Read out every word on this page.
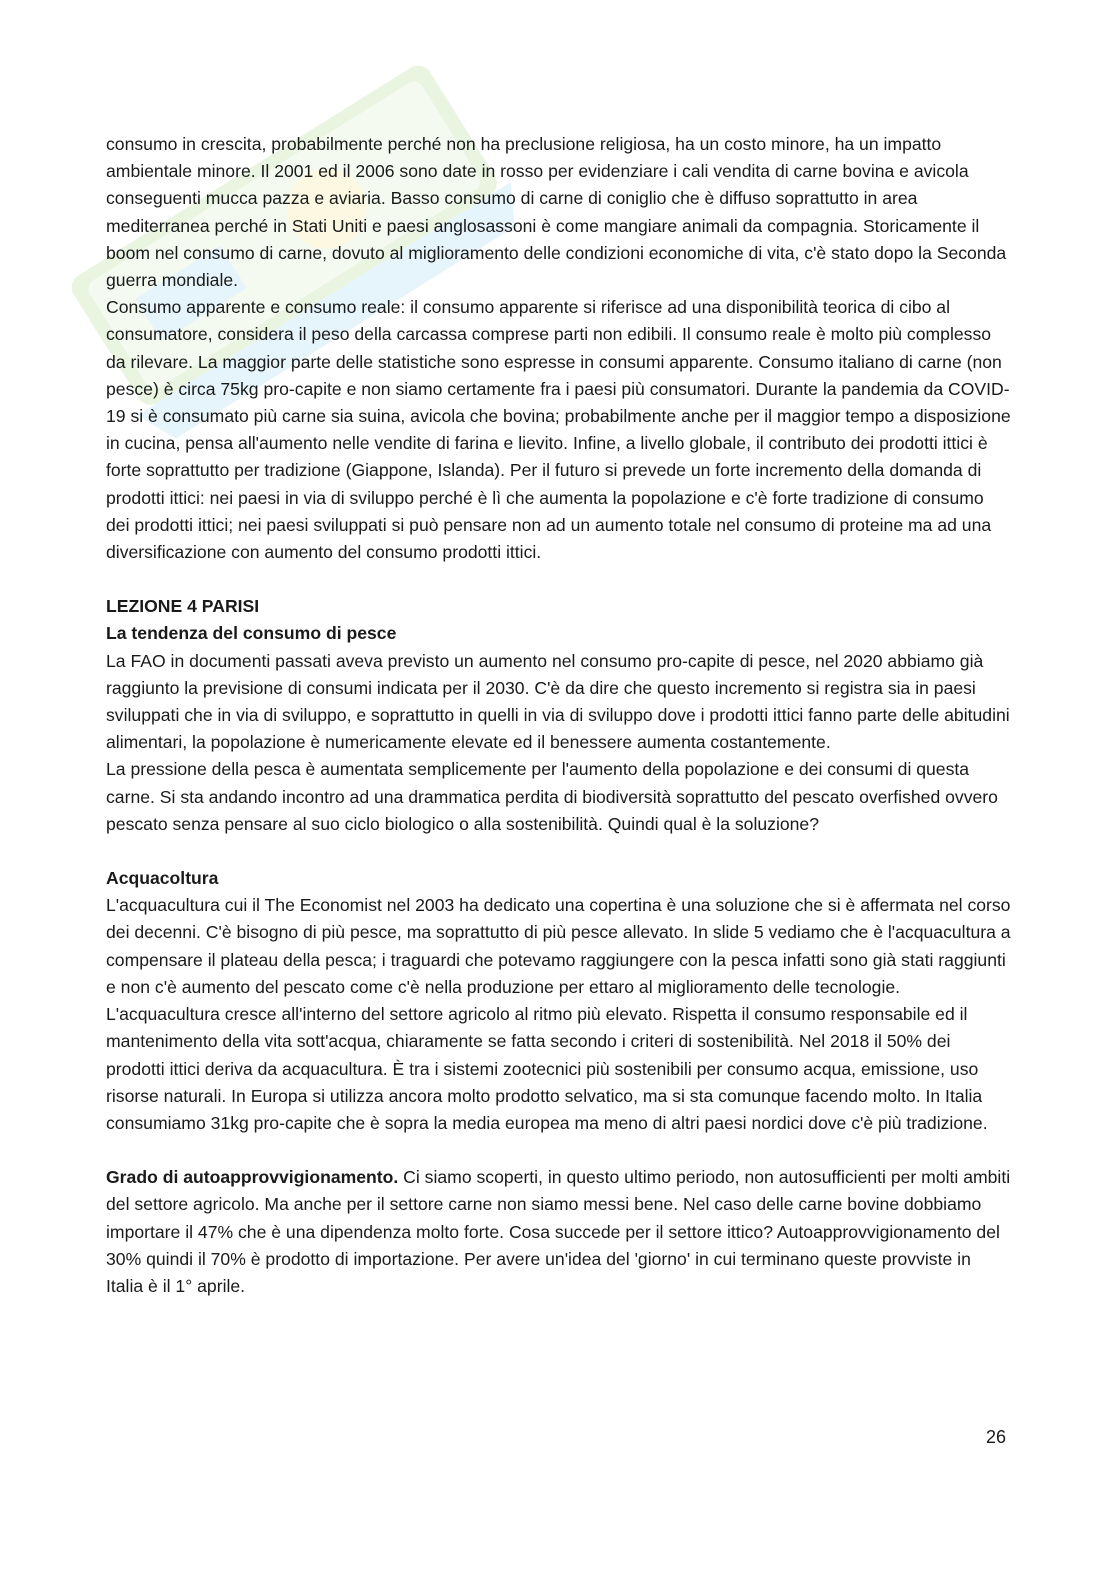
consumo in crescita, probabilmente perché non ha preclusione religiosa, ha un costo minore, ha un impatto ambientale minore. Il 2001 ed il 2006 sono date in rosso per evidenziare i cali vendita di carne bovina e avicola conseguenti mucca pazza e aviaria. Basso consumo di carne di coniglio che è diffuso soprattutto in area mediterranea perché in Stati Uniti e paesi anglosassoni è come mangiare animali da compagnia. Storicamente il boom nel consumo di carne, dovuto al miglioramento delle condizioni economiche di vita, c'è stato dopo la Seconda guerra mondiale.

Consumo apparente e consumo reale: il consumo apparente si riferisce ad una disponibilità teorica di cibo al consumatore, considera il peso della carcassa comprese parti non edibili. Il consumo reale è molto più complesso da rilevare. La maggior parte delle statistiche sono espresse in consumi apparente. Consumo italiano di carne (non pesce) è circa 75kg pro-capite e non siamo certamente fra i paesi più consumatori. Durante la pandemia da COVID-19 si è consumato più carne sia suina, avicola che bovina; probabilmente anche per il maggior tempo a disposizione in cucina, pensa all'aumento nelle vendite di farina e lievito. Infine, a livello globale, il contributo dei prodotti ittici è forte soprattutto per tradizione (Giappone, Islanda). Per il futuro si prevede un forte incremento della domanda di prodotti ittici: nei paesi in via di sviluppo perché è lì che aumenta la popolazione e c'è forte tradizione di consumo dei prodotti ittici; nei paesi sviluppati si può pensare non ad un aumento totale nel consumo di proteine ma ad una diversificazione con aumento del consumo prodotti ittici.

LEZIONE 4 PARISI

La tendenza del consumo di pesce

La FAO in documenti passati aveva previsto un aumento nel consumo pro-capite di pesce, nel 2020 abbiamo già raggiunto la previsione di consumi indicata per il 2030. C'è da dire che questo incremento si registra sia in paesi sviluppati che in via di sviluppo, e soprattutto in quelli in via di sviluppo dove i prodotti ittici fanno parte delle abitudini alimentari, la popolazione è numericamente elevate ed il benessere aumenta costantemente.

La pressione della pesca è aumentata semplicemente per l'aumento della popolazione e dei consumi di questa carne. Si sta andando incontro ad una drammatica perdita di biodiversità soprattutto del pescato overfished ovvero pescato senza pensare al suo ciclo biologico o alla sostenibilità. Quindi qual è la soluzione?

Acquacoltura

L'acquacultura cui il The Economist nel 2003 ha dedicato una copertina è una soluzione che si è affermata nel corso dei decenni. C'è bisogno di più pesce, ma soprattutto di più pesce allevato. In slide 5 vediamo che è l'acquacultura a compensare il plateau della pesca; i traguardi che potevamo raggiungere con la pesca infatti sono già stati raggiunti e non c'è aumento del pescato come c'è nella produzione per ettaro al miglioramento delle tecnologie. L'acquacultura cresce all'interno del settore agricolo al ritmo più elevato. Rispetta il consumo responsabile ed il mantenimento della vita sott'acqua, chiaramente se fatta secondo i criteri di sostenibilità. Nel 2018 il 50% dei prodotti ittici deriva da acquacultura. È tra i sistemi zootecnici più sostenibili per consumo acqua, emissione, uso risorse naturali. In Europa si utilizza ancora molto prodotto selvatico, ma si sta comunque facendo molto. In Italia consumiamo 31kg pro-capite che è sopra la media europea ma meno di altri paesi nordici dove c'è più tradizione.

Grado di autoapprovvigionamento. Ci siamo scoperti, in questo ultimo periodo, non autosufficienti per molti ambiti del settore agricolo. Ma anche per il settore carne non siamo messi bene. Nel caso delle carne bovine dobbiamo importare il 47% che è una dipendenza molto forte. Cosa succede per il settore ittico? Autoapprovvigionamento del 30% quindi il 70% è prodotto di importazione. Per avere un'idea del 'giorno' in cui terminano queste provviste in Italia è il 1° aprile.

26
